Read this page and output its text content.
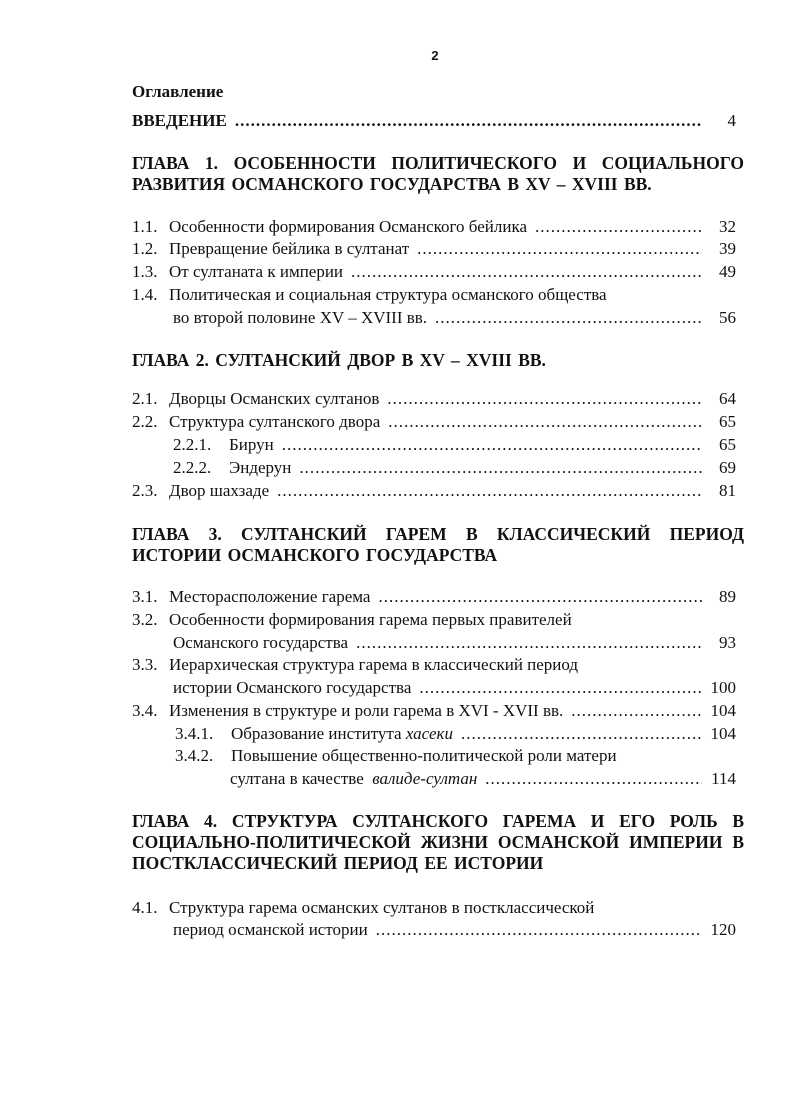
2
Оглавление
ВВЕДЕНИЕ .....	4
ГЛАВА 1. ОСОБЕННОСТИ ПОЛИТИЧЕСКОГО И СОЦИАЛЬНОГО РАЗВИТИЯ ОСМАНСКОГО ГОСУДАРСТВА В XV – XVIII ВВ.
1.1. Особенности формирования Османского бейлика .....	32
1.2. Превращение бейлика в султанат .....	39
1.3. От султаната к империи .....	49
1.4. Политическая и социальная структура османского общества
во второй половине XV – XVIII вв. .....	56
ГЛАВА 2. СУЛТАНСКИЙ ДВОР В XV – XVIII ВВ.
2.1. Дворцы Османских султанов .....	64
2.2. Структура султанского двора .....	65
2.2.1.	Бирун .....	65
2.2.2.	Эндерун .....	69
2.3. Двор шахзаде .....	81
ГЛАВА 3. СУЛТАНСКИЙ ГАРЕМ В КЛАССИЧЕСКИЙ ПЕРИОД ИСТОРИИ ОСМАНСКОГО ГОСУДАРСТВА
3.1. Месторасположение гарема .....	89
3.2. Особенности формирования гарема первых правителей
Османского государства .....	93
3.3. Иерархическая структура гарема в классический период
истории Османского государства .....	100
3.4. Изменения в структуре и роли гарема в XVI - XVII вв. .....	104
3.4.1.	Образование института
хасеки .....	104
3.4.2.	Повышение общественно-политической роли матери
султана в качестве
валиде-султан .....	114
ГЛАВА 4. СТРУКТУРА СУЛТАНСКОГО ГАРЕМА И ЕГО РОЛЬ В СОЦИАЛЬНО-ПОЛИТИЧЕСКОЙ ЖИЗНИ ОСМАНСКОЙ ИМПЕРИИ В ПОСТКЛАССИЧЕСКИЙ ПЕРИОД ЕЕ ИСТОРИИ
4.1. Структура гарема османских султанов в постклассической
период османской истории .....	120
